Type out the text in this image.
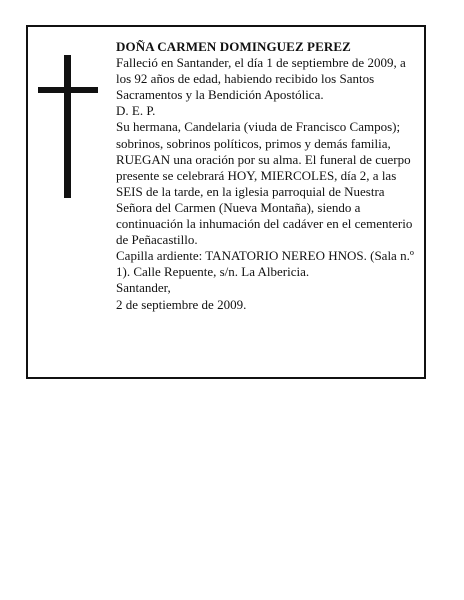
DOÑA CARMEN DOMINGUEZ PEREZ

Falleció en Santander, el día 1 de septiembre de 2009, a los 92 años de edad, habiendo recibido los Santos Sacramentos y la Bendición Apostólica.

D. E. P.

Su hermana, Candelaria (viuda de Francisco Campos); sobrinos, sobrinos políticos, primos y demás familia, RUEGAN una oración por su alma. El funeral de cuerpo presente se celebrará HOY, MIERCOLES, día 2, a las SEIS de la tarde, en la iglesia parroquial de Nuestra Señora del Carmen (Nueva Montaña), siendo a continuación la inhumación del cadáver en el cementerio de Peñacastillo.

Capilla ardiente: TANATORIO NEREO HNOS. (Sala n.º 1). Calle Repuente, s/n. La Albericia.

Santander,

2 de septiembre de 2009.
